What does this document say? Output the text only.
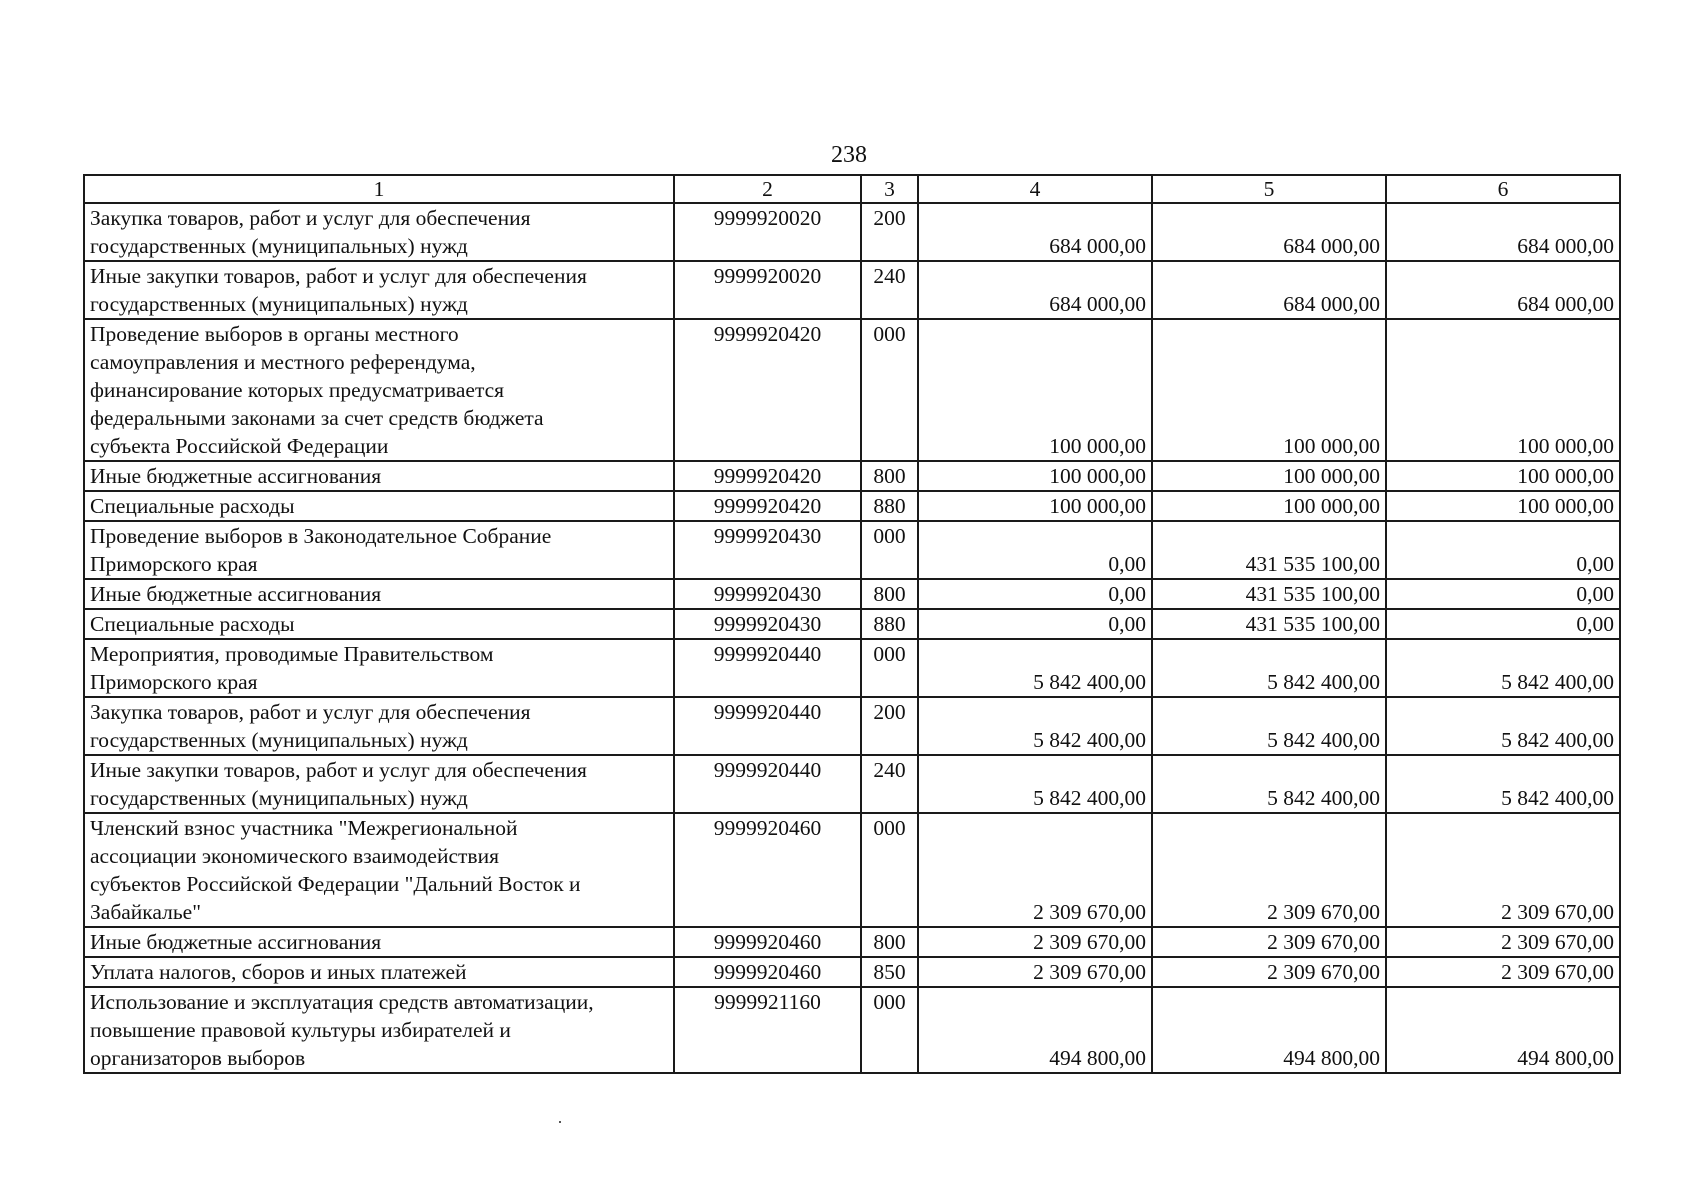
238
1	2	3	4	5	6
Закупка товаров, работ и услуг для обеспечения
государственных (муниципальных) нужд	9999920020	200	684 000,00	684 000,00	684 000,00
Иные закупки товаров, работ и услуг для обеспечения
государственных (муниципальных) нужд	9999920020	240	684 000,00	684 000,00	684 000,00
Проведение выборов в органы местного
самоуправления и местного референдума,
финансирование которых предусматривается
федеральными законами за счет средств бюджета
субъекта Российской Федерации	9999920420	000	100 000,00	100 000,00	100 000,00
Иные бюджетные ассигнования	9999920420	800	100 000,00	100 000,00	100 000,00
Специальные расходы	9999920420	880	100 000,00	100 000,00	100 000,00
Проведение выборов в Законодательное Собрание
Приморского края	9999920430	000	0,00	431 535 100,00	0,00
Иные бюджетные ассигнования	9999920430	800	0,00	431 535 100,00	0,00
Специальные расходы	9999920430	880	0,00	431 535 100,00	0,00
Мероприятия, проводимые Правительством
Приморского края	9999920440	000	5 842 400,00	5 842 400,00	5 842 400,00
Закупка товаров, работ и услуг для обеспечения
государственных (муниципальных) нужд	9999920440	200	5 842 400,00	5 842 400,00	5 842 400,00
Иные закупки товаров, работ и услуг для обеспечения
государственных (муниципальных) нужд	9999920440	240	5 842 400,00	5 842 400,00	5 842 400,00
Членский взнос участника "Межрегиональной
ассоциации экономического взаимодействия
субъектов Российской Федерации "Дальний Восток и
Забайкалье"	9999920460	000	2 309 670,00	2 309 670,00	2 309 670,00
Иные бюджетные ассигнования	9999920460	800	2 309 670,00	2 309 670,00	2 309 670,00
Уплата налогов, сборов и иных платежей	9999920460	850	2 309 670,00	2 309 670,00	2 309 670,00
Использование и эксплуатация средств автоматизации,
повышение правовой культуры избирателей и
организаторов выборов	9999921160	000	494 800,00	494 800,00	494 800,00
